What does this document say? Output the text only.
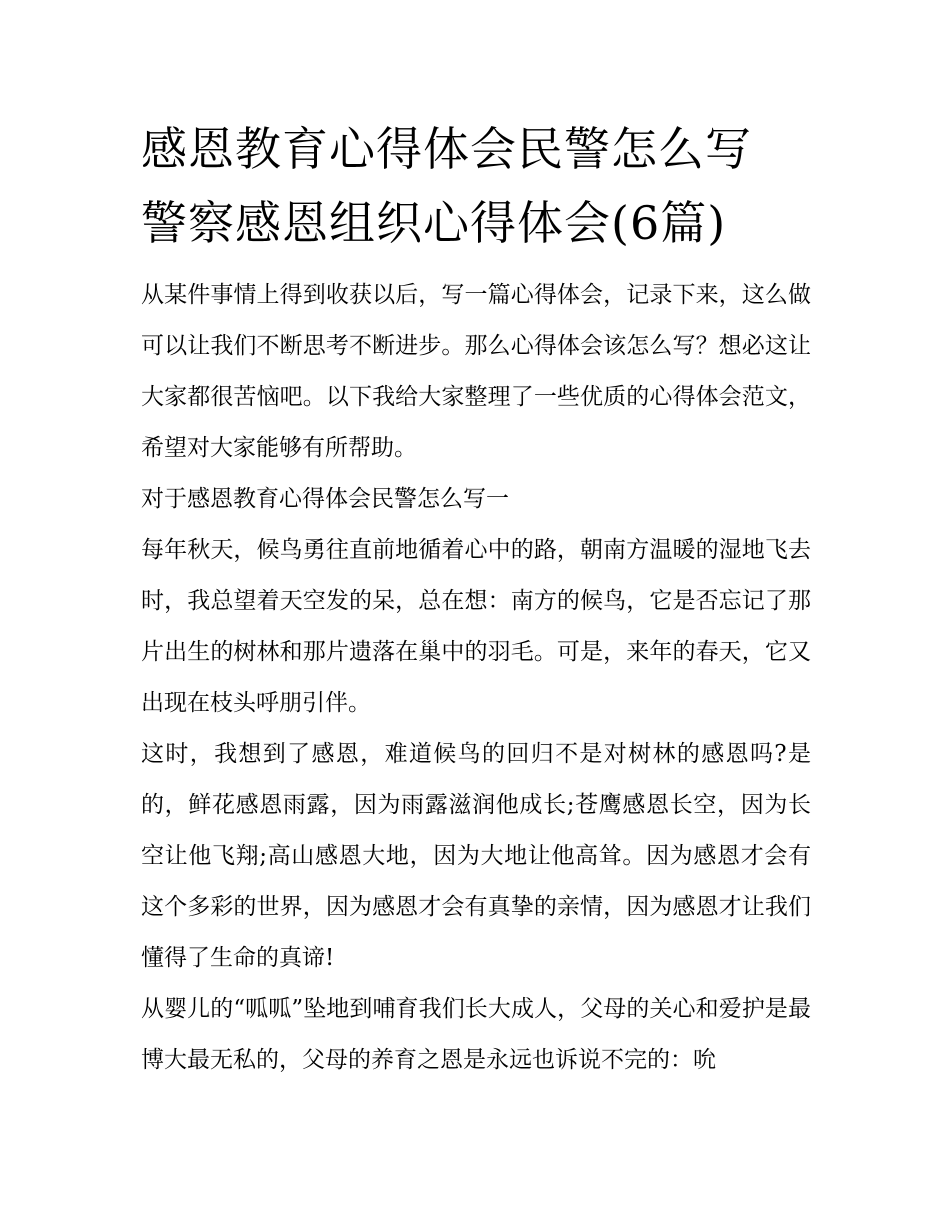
感恩教育心得体会民警怎么写
警察感恩组织心得体会(6篇)

从某件事情上得到收获以后，写一篇心得体会，记录下来，这么做可以让我们不断思考不断进步。那么心得体会该怎么写？想必这让大家都很苦恼吧。以下我给大家整理了一些优质的心得体会范文，希望对大家能够有所帮助。

对于感恩教育心得体会民警怎么写一

每年秋天，候鸟勇往直前地循着心中的路，朝南方温暖的湿地飞去时，我总望着天空发的呆，总在想：南方的候鸟，它是否忘记了那片出生的树林和那片遗落在巢中的羽毛。可是，来年的春天，它又出现在枝头呼朋引伴。

这时，我想到了感恩，难道候鸟的回归不是对树林的感恩吗?是的，鲜花感恩雨露，因为雨露滋润他成长;苍鹰感恩长空，因为长空让他飞翔;高山感恩大地，因为大地让他高耸。因为感恩才会有这个多彩的世界，因为感恩才会有真挚的亲情，因为感恩才让我们懂得了生命的真谛!

从婴儿的“呱呱”坠地到哺育我们长大成人，父母的关心和爱护是最博大最无私的，父母的养育之恩是永远也诉说不完的：吮
